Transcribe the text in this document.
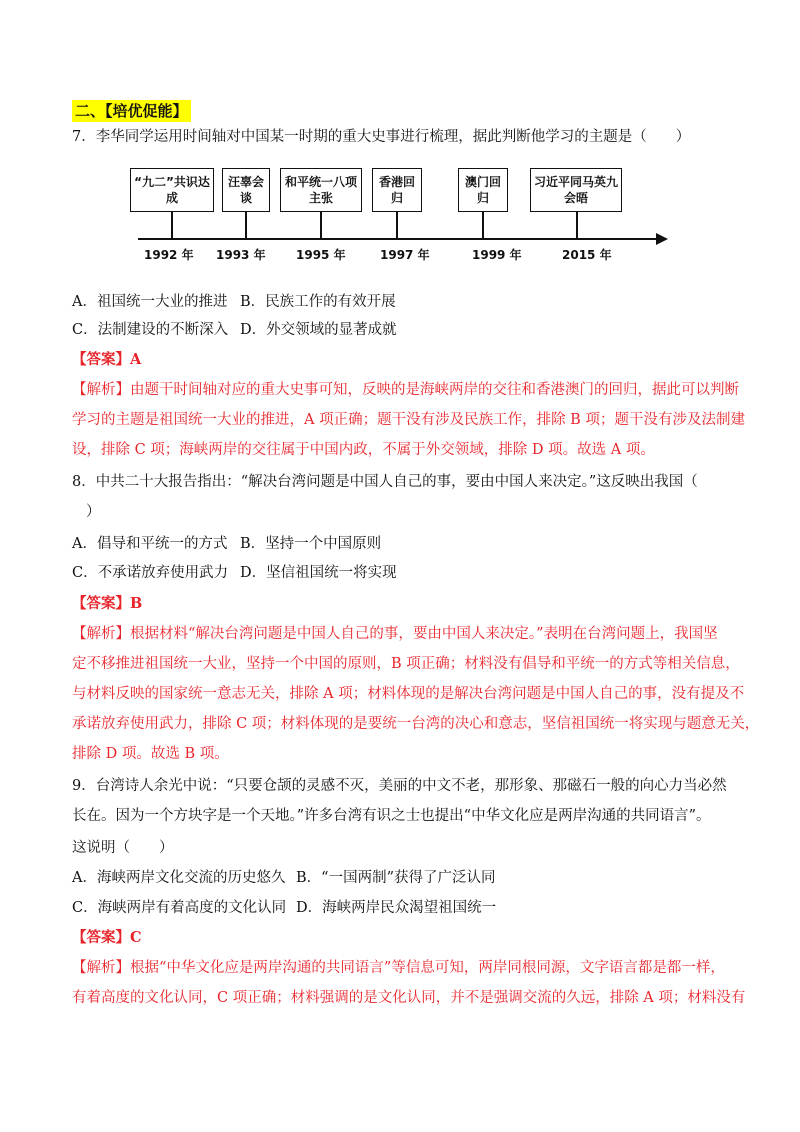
二、【培优促能】
7．李华同学运用时间轴对中国某一时期的重大史事进行梳理，据此判断他学习的主题是（　　）
“九二”共识达成
汪辜会谈
和平统一八项主张
香港回归
澳门回归
习近平同马英九会晤
1992 年 1993 年	1995 年	1997 年	1999 年	2015 年
A．祖国统一大业的推进 B．民族工作的有效开展
C．法制建设的不断深入 D．外交领域的显著成就
【答案】A
【解析】由题干时间轴对应的重大史事可知，反映的是海峡两岸的交往和香港澳门的回归，据此可以判断
学习的主题是祖国统一大业的推进，A 项正确；题干没有涉及民族工作，排除 B 项；题干没有涉及法制建
设，排除 C 项；海峡两岸的交往属于中国内政，不属于外交领域，排除 D 项。故选 A 项。
8．中共二十大报告指出：“解决台湾问题是中国人自己的事，要由中国人来决定。”这反映出我国（
）
A．倡导和平统一的方式 B．坚持一个中国原则
C．不承诺放弃使用武力 D．坚信祖国统一将实现
【答案】B
【解析】根据材料“解决台湾问题是中国人自己的事，要由中国人来决定。”表明在台湾问题上，我国坚
定不移推进祖国统一大业，坚持一个中国的原则，B 项正确；材料没有倡导和平统一的方式等相关信息，
与材料反映的国家统一意志无关，排除 A 项；材料体现的是解决台湾问题是中国人自己的事，没有提及不
承诺放弃使用武力，排除 C 项；材料体现的是要统一台湾的决心和意志，坚信祖国统一将实现与题意无关，
排除 D 项。故选 B 项。
9．台湾诗人余光中说：“只要仓颉的灵感不灭，美丽的中文不老，那形象、那磁石一般的向心力当必然
长在。因为一个方块字是一个天地。”许多台湾有识之士也提出“中华文化应是两岸沟通的共同语言”。
这说明（　　）
A．海峡两岸文化交流的历史悠久 B．“一国两制”获得了广泛认同
C．海峡两岸有着高度的文化认同 D．海峡两岸民众渴望祖国统一
【答案】C
【解析】根据“中华文化应是两岸沟通的共同语言”等信息可知，两岸同根同源，文字语言都是都一样，
有着高度的文化认同，C 项正确；材料强调的是文化认同，并不是强调交流的久远，排除 A 项；材料没有
